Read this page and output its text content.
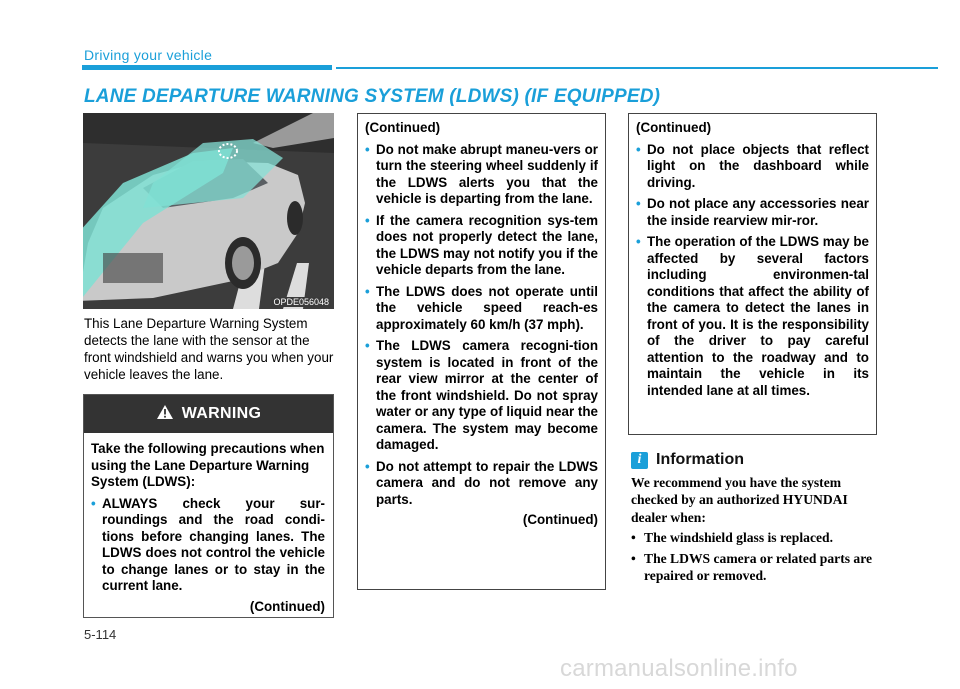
Driving your vehicle
LANE DEPARTURE WARNING SYSTEM (LDWS) (IF EQUIPPED)
OPDE056048
This Lane Departure Warning System detects the lane with the sensor at the front windshield and warns you when your vehicle leaves the lane.
WARNING

Take the following precautions when using the Lane Departure Warning System (LDWS):

• ALWAYS check your sur-roundings and the road condi-tions before changing lanes. The LDWS does not control the vehicle to change lanes or to stay in the current lane.
(Continued)

(Continued)

• Do not make abrupt maneu-vers or turn the steering wheel suddenly if the LDWS alerts you that the vehicle is departing from the lane.
• If the camera recognition sys-tem does not properly detect the lane, the LDWS may not notify you if the vehicle departs from the lane.
• The LDWS does not operate until the vehicle speed reach-es approximately 60 km/h (37 mph).
• The LDWS camera recogni-tion system is located in front of the rear view mirror at the center of the front windshield. Do not spray water or any type of liquid near the camera. The system may become damaged.
• Do not attempt to repair the LDWS camera and do not remove any parts.
(Continued)

(Continued)

• Do not place objects that reflect light on the dashboard while driving.
• Do not place any accessories near the inside rearview mir-ror.
• The operation of the LDWS may be affected by several factors including environmen-tal conditions that affect the ability of the camera to detect the lanes in front of you. It is the responsibility of the driver to pay careful attention to the roadway and to maintain the vehicle in its intended lane at all times.
i Information
We recommend you have the system checked by an authorized HYUNDAI dealer when:
• The windshield glass is replaced.
• The LDWS camera or related parts are repaired or removed.
5-114
carmanualsonline.info
